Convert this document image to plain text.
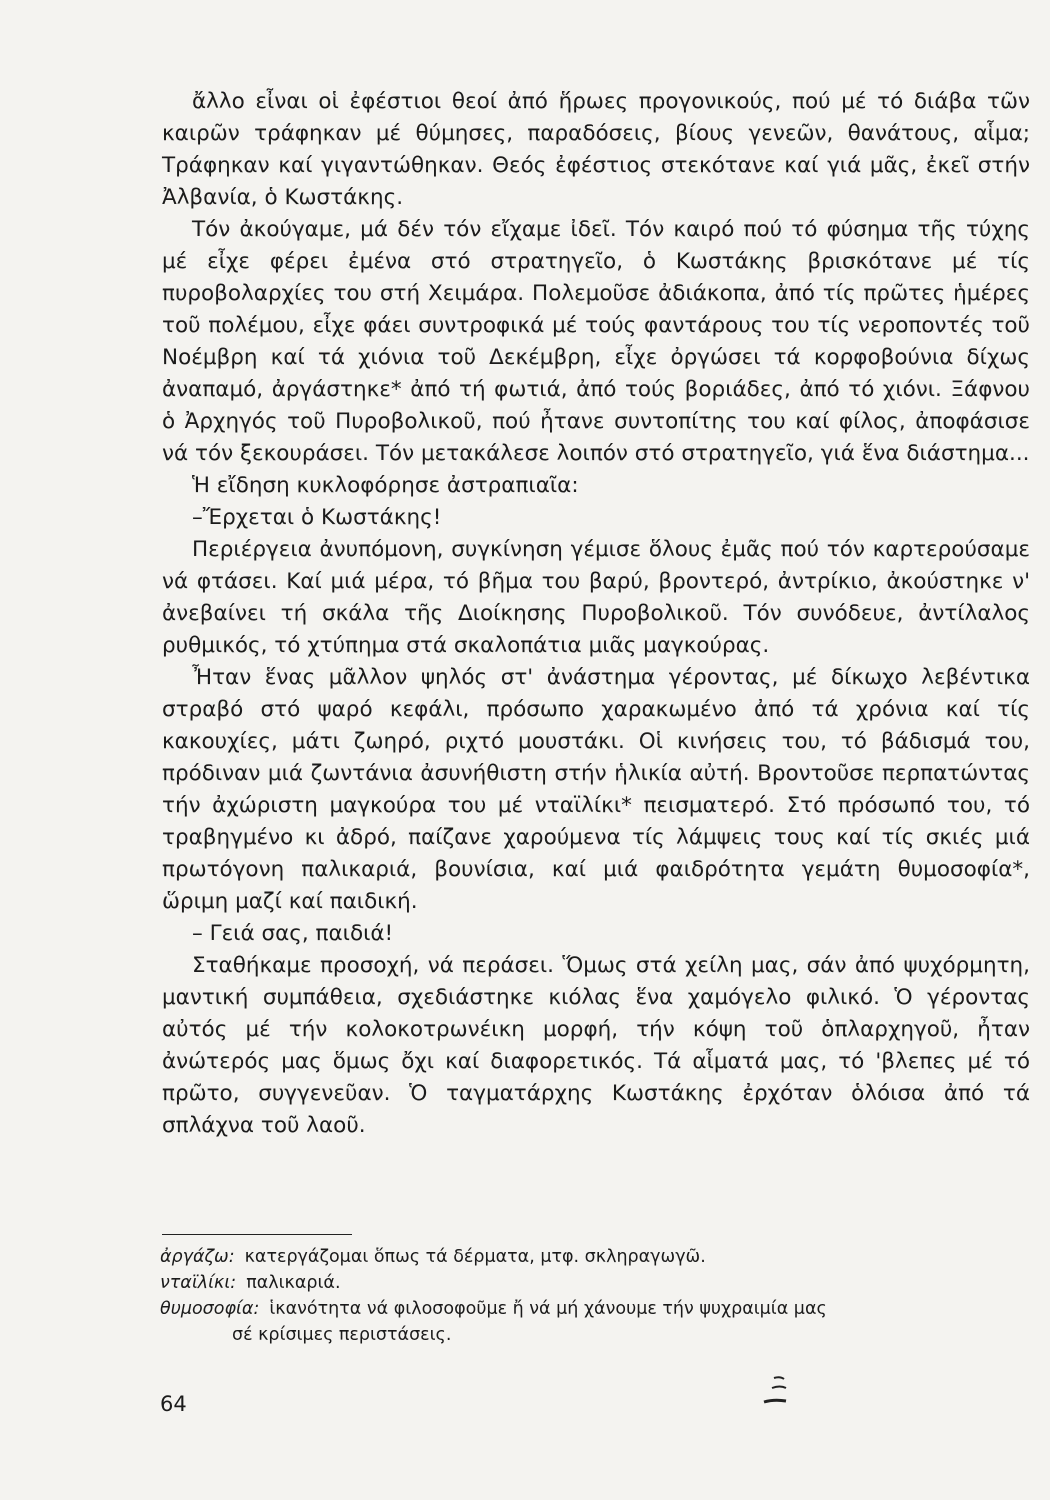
ἄλλο εἶναι οἱ ἐφέστιοι θεοί ἀπό ἥρωες προγονικούς, πού μέ τό διάβα τῶν καιρῶν τράφηκαν μέ θύμησες, παραδόσεις, βίους γενεῶν, θανάτους, αἷμα; Τράφηκαν καί γιγαντώθηκαν. Θεός ἐφέστιος στεκότανε καί γιά μᾶς, ἐκεῖ στήν Ἀλβανία, ὁ Κωστάκης.

Τόν ἀκούγαμε, μά δέν τόν εἴχαμε ἰδεῖ. Τόν καιρό πού τό φύσημα τῆς τύχης μέ εἶχε φέρει ἐμένα στό στρατηγεῖο, ὁ Κωστάκης βρισκότανε μέ τίς πυροβολαρχίες του στή Χειμάρα. Πολεμοῦσε ἀδιάκοπα, ἀπό τίς πρῶτες ἡμέρες τοῦ πολέμου, εἶχε φάει συντροφικά μέ τούς φαντάρους του τίς νεροποντές τοῦ Νοέμβρη καί τά χιόνια τοῦ Δεκέμβρη, εἶχε ὀργώσει τά κορφοβούνια δίχως ἀναπαμό, ἀργάστηκε* ἀπό τή φωτιά, ἀπό τούς βοριάδες, ἀπό τό χιόνι. Ξάφνου ὁ Ἀρχηγός τοῦ Πυροβολικοῦ, πού ἦτανε συντοπίτης του καί φίλος, ἀποφάσισε νά τόν ξεκουράσει. Τόν μετακάλεσε λοιπόν στό στρατηγεῖο, γιά ἕνα διάστημα...

Ἡ εἴδηση κυκλοφόρησε ἀστραπιαῖα:

–Ἔρχεται ὁ Κωστάκης!

Περιέργεια ἀνυπόμονη, συγκίνηση γέμισε ὅλους ἐμᾶς πού τόν καρτερούσαμε νά φτάσει. Καί μιά μέρα, τό βῆμα του βαρύ, βροντερό, ἀντρίκιο, ἀκούστηκε ν' ἀνεβαίνει τή σκάλα τῆς Διοίκησης Πυροβολικοῦ. Τόν συνόδευε, ἀντίλαλος ρυθμικός, τό χτύπημα στά σκαλοπάτια μιᾶς μαγκούρας.

Ἦταν ἕνας μᾶλλον ψηλός στ' ἀνάστημα γέροντας, μέ δίκωχο λεβέντικα στραβό στό ψαρό κεφάλι, πρόσωπο χαρακωμένο ἀπό τά χρόνια καί τίς κακουχίες, μάτι ζωηρό, ριχτό μουστάκι. Οἱ κινήσεις του, τό βάδισμά του, πρόδιναν μιά ζωντάνια ἀσυνήθιστη στήν ἡλικία αὐτή. Βροντοῦσε περπατώντας τήν ἀχώριστη μαγκούρα του μέ νταϊλίκι* πεισματερό. Στό πρόσωπό του, τό τραβηγμένο κι ἀδρό, παίζανε χαρούμενα τίς λάμψεις τους καί τίς σκιές μιά πρωτόγονη παλικαριά, βουνίσια, καί μιά φαιδρότητα γεμάτη θυμοσοφία*, ὥριμη μαζί καί παιδική.

– Γειά σας, παιδιά!

Σταθήκαμε προσοχή, νά περάσει. Ὅμως στά χείλη μας, σάν ἀπό ψυχόρμητη, μαντική συμπάθεια, σχεδιάστηκε κιόλας ἕνα χαμόγελο φιλικό. Ὁ γέροντας αὐτός μέ τήν κολοκοτρωνέικη μορφή, τήν κόψη τοῦ ὁπλαρχηγοῦ, ἦταν ἀνώτερός μας ὅμως ὄχι καί διαφορετικός. Τά αἷματά μας, τό 'βλεπες μέ τό πρῶτο, συγγενεῦαν. Ὁ ταγματάρχης Κωστάκης ἐρχόταν ὁλόισα ἀπό τά σπλάχνα τοῦ λαοῦ.

ἀργάζω: κατεργάζομαι ὅπως τά δέρματα, μτφ. σκληραγωγῶ.

νταϊλίκι: παλικαριά.

θυμοσοφία: ἱκανότητα νά φιλοσοφοῦμε ἤ νά μή χάνουμε τήν ψυχραιμία μας
σέ κρίσιμες περιστάσεις.

64
